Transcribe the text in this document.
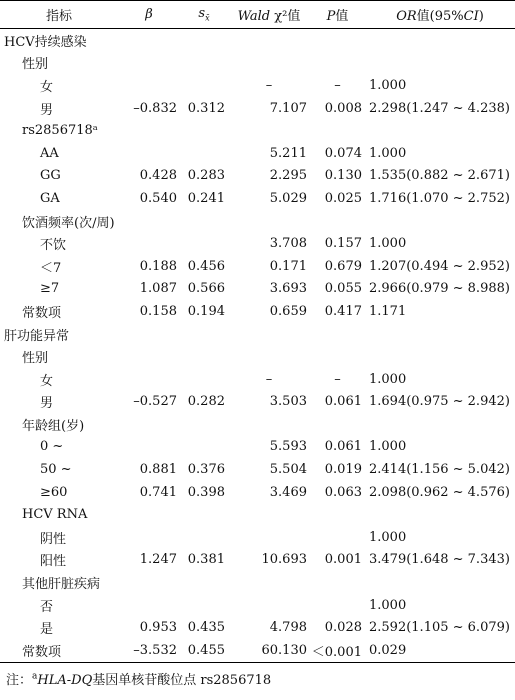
指标	β	$s_{x̄}$	Wald χ²值	P值	OR值(95%CI)
HCV持续感染					
性别					
女			–	–	1.000
男	–0.832	0.312	7.107	0.008	2.298(1.247 ~ 4.238)
rs2856718ᵃ					
AA			5.211	0.074	1.000
GG	0.428	0.283	2.295	0.130	1.535(0.882 ~ 2.671)
GA	0.540	0.241	5.029	0.025	1.716(1.070 ~ 2.752)
饮酒频率(次/周)					
不饮			3.708	0.157	1.000
＜7	0.188	0.456	0.171	0.679	1.207(0.494 ~ 2.952)
≥7	1.087	0.566	3.693	0.055	2.966(0.979 ~ 8.988)
常数项	0.158	0.194	0.659	0.417	1.171
肝功能异常					
性别					
女			–	–	1.000
男	–0.527	0.282	3.503	0.061	1.694(0.975 ~ 2.942)
年龄组(岁)					
0 ~			5.593	0.061	1.000
50 ~	0.881	0.376	5.504	0.019	2.414(1.156 ~ 5.042)
≥60	0.741	0.398	3.469	0.063	2.098(0.962 ~ 4.576)
HCV RNA					
阴性					1.000
阳性	1.247	0.381	10.693	0.001	3.479(1.648 ~ 7.343)
其他肝脏疾病					
否					1.000
是	0.953	0.435	4.798	0.028	2.592(1.105 ~ 6.079)
常数项	–3.532	0.455	60.130	＜0.001	0.029
注：$^a$HLA-DQ基因单核苷酸位点 rs2856718
